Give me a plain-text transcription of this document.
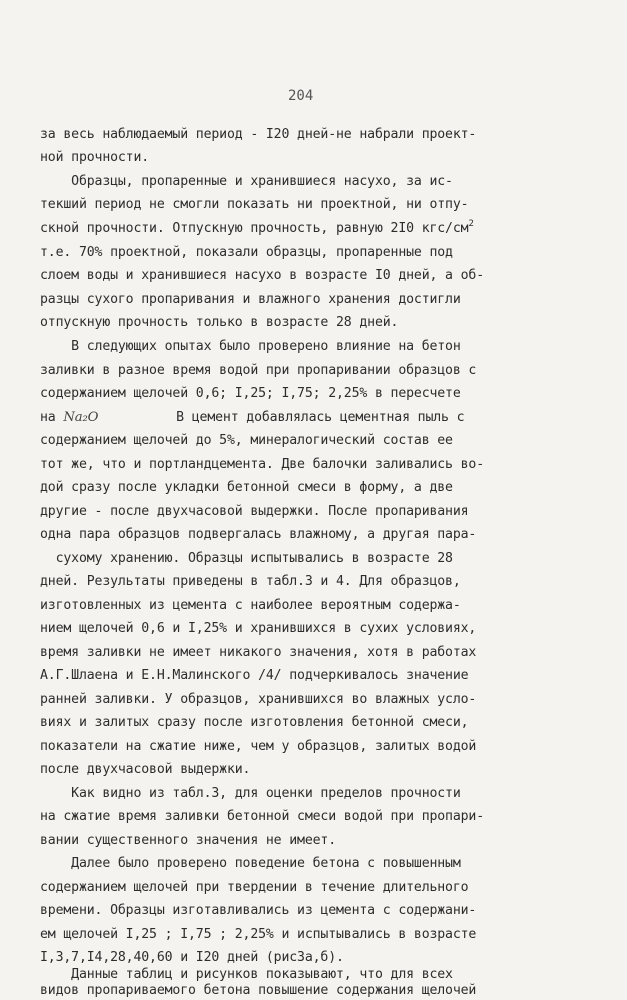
204
за весь наблюдаемый период - I20 дней-не набрали проект-
ной прочности.
Образцы, пропаренные и хранившиеся насухо, за ис-
текший период не смогли показать ни проектной, ни отпу-
скной прочности. Отпускную прочность, равную 2I0 кгс/$см^2$
т.е. 70% проектной, показали образцы, пропаренные под
слоем воды и хранившиеся насухо в возрасте I0 дней, а об-
разцы сухого пропаривания и влажного хранения достигли
отпускную прочность только в возрасте 28 дней.
В следующих опытах было проверено влияние на бетон
заливки в разное время водой при пропаривании образцов с
содержанием щелочей 0,6; I,25; I,75; 2,25% в пересчете
на Na₂O          В цемент добавлялась цементная пыль с
содержанием щелочей до 5%, минералогический состав ее
тот же, что и портландцемента. Две балочки заливались во-
дой сразу после укладки бетонной смеси в форму, а две
другие - после двухчасовой выдержки. После пропаривания
одна пара образцов подвергалась влажному, а другая пара-
сухому хранению. Образцы испытывались в возрасте 28
дней. Результаты приведены в табл.3 и 4. Для образцов,
изготовленных из цемента с наиболее вероятным содержа-
нием щелочей 0,6 и I,25% и хранившихся в сухих условиях,
время заливки не имеет никакого значения, хотя в работах
А.Г.Шлаена и Е.Н.Малинского /4/ подчеркивалось значение
ранней заливки. У образцов, хранившихся во влажных усло-
виях и залитых сразу после изготовления бетонной смеси,
показатели на сжатие ниже, чем у образцов, залитых водой
после двухчасовой выдержки.
Как видно из табл.3, для оценки пределов прочности
на сжатие время заливки бетонной смеси водой при пропари-
вании существенного значения не имеет.
Далее было проверено поведение бетона с повышенным
содержанием щелочей при твердении в течение длительного
времени. Образцы изготавливались из цемента с содержани-
ем щелочей I,25 ; I,75 ; 2,25% и испытывались в возрасте
I,3,7,I4,28,40,60 и I20 дней (рис3а,б).
Данные таблиц и рисунков показывают, что для всех
видов пропариваемого бетона повышение содержания щелочей
